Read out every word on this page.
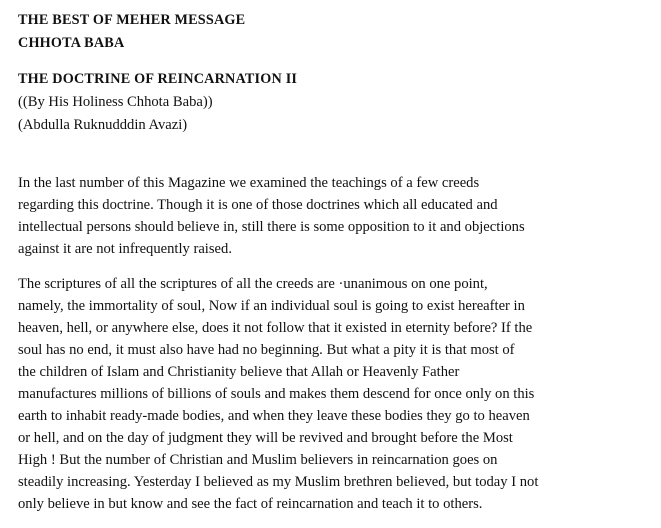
THE BEST OF MEHER MESSAGE
CHHOTA BABA
THE DOCTRINE OF REINCARNATION II
((By His Holiness Chhota Baba))
(Abdulla Ruknudddin Avazi)
In the last number of this Magazine we examined the teachings of a few creeds
regarding this doctrine. Though it is one of those doctrines which all educated and
intellectual persons should believe in, still there is some opposition to it and objections
against it are not infrequently raised.
The scriptures of all the scriptures of all the creeds are ·unanimous on one point,
namely, the immortality of soul, Now if an individual soul is going to exist hereafter in
heaven, hell, or anywhere else, does it not follow that it existed in eternity before? If the
soul has no end, it must also have had no beginning. But what a pity it is that most of
the children of Islam and Christianity believe that Allah or Heavenly Father
manufactures millions of billions of souls and makes them descend for once only on this
earth to inhabit ready-made bodies, and when they leave these bodies they go to heaven
or hell, and on the day of judgment they will be revived and brought before the Most
High ! But the number of Christian and Muslim believers in reincarnation goes on
steadily increasing. Yesterday I believed as my Muslim brethren believed, but today I not
only believe in but know and see the fact of reincarnation and teach it to others.
